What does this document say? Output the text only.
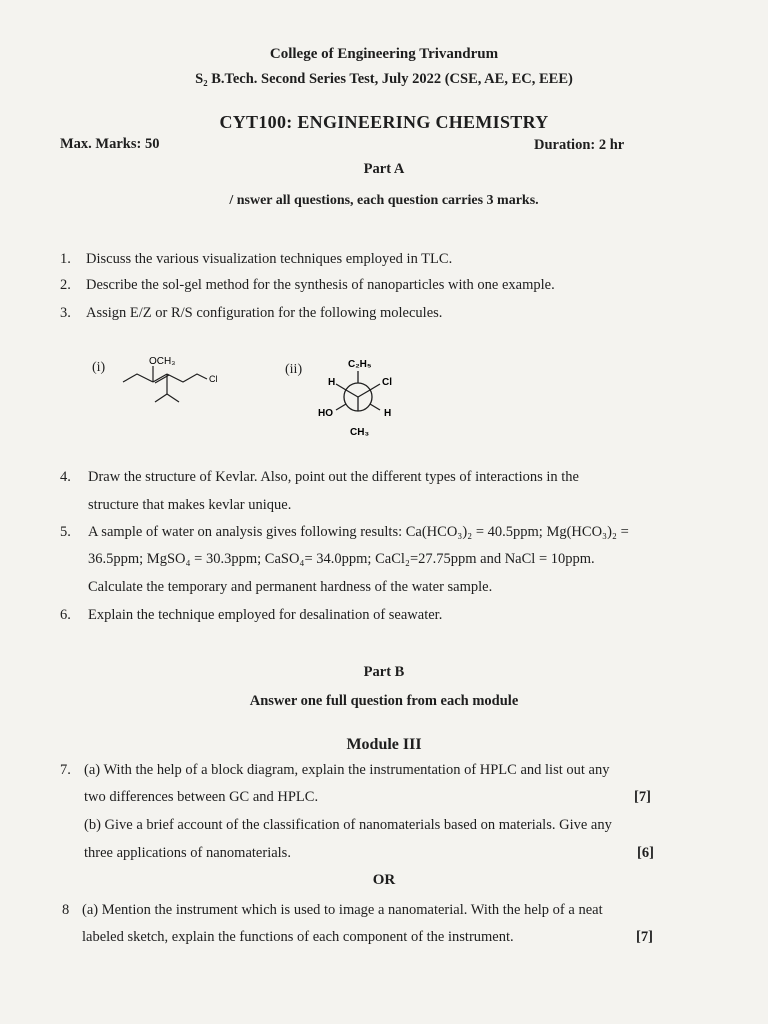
College of Engineering Trivandrum
S₂ B.Tech. Second Series Test, July 2022 (CSE, AE, EC, EEE)
CYT100: ENGINEERING CHEMISTRY
Max. Marks: 50	Duration: 2 hr
Part A
/ nswer all questions, each question carries 3 marks.
1. Discuss the various visualization techniques employed in TLC.
2. Describe the sol-gel method for the synthesis of nanoparticles with one example.
3. Assign E/Z or R/S configuration for the following molecules.
(i)	(ii)
OCH₃
Cl
C₂H₅
H	Cl
HO	H
CH₃
4. Draw the structure of Kevlar. Also, point out the different types of interactions in the
structure that makes kevlar unique.
5. A sample of water on analysis gives following results: Ca(HCO₃)₂ = 40.5ppm; Mg(HCO₃)₂ =
36.5ppm; MgSO₄ = 30.3ppm; CaSO₄= 34.0ppm; CaCl₂=27.75ppm and NaCl = 10ppm.
Calculate the temporary and permanent hardness of the water sample.
6. Explain the technique employed for desalination of seawater.
Part B
Answer one full question from each module
Module III
7. (a) With the help of a block diagram, explain the instrumentation of HPLC and list out any
two differences between GC and HPLC.	[7]
(b) Give a brief account of the classification of nanomaterials based on materials. Give any
three applications of nanomaterials.	[6]
OR
8 (a) Mention the instrument which is used to image a nanomaterial. With the help of a neat
labeled sketch, explain the functions of each component of the instrument.	[7]
